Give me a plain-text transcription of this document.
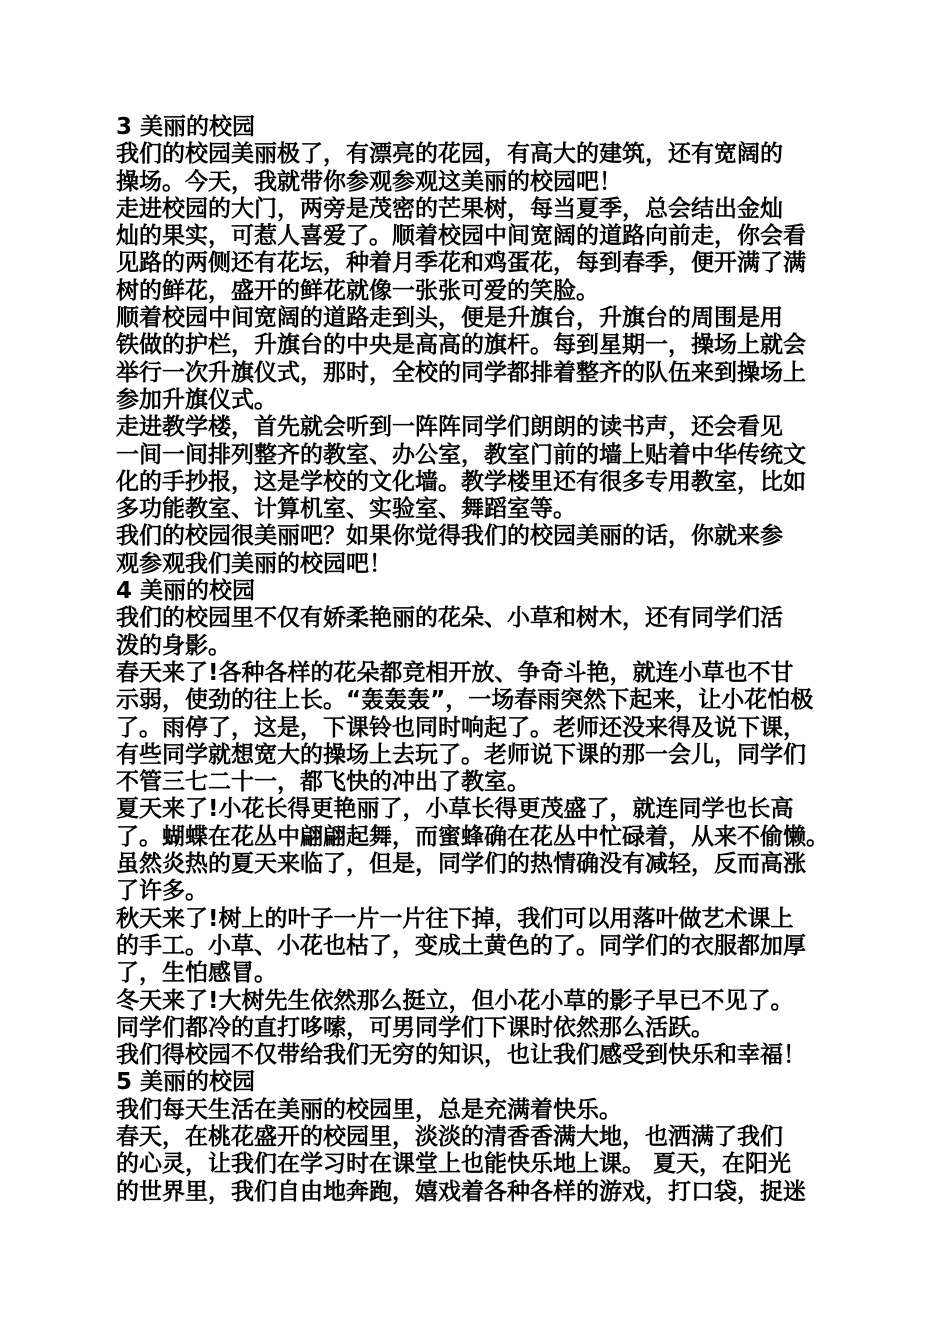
3 美丽的校园

我们的校园美丽极了，有漂亮的花园，有高大的建筑，还有宽阔的

操场。今天，我就带你参观参观这美丽的校园吧！

走进校园的大门，两旁是茂密的芒果树，每当夏季，总会结出金灿

灿的果实，可惹人喜爱了。顺着校园中间宽阔的道路向前走，你会看

见路的两侧还有花坛，种着月季花和鸡蛋花，每到春季，便开满了满

树的鲜花，盛开的鲜花就像一张张可爱的笑脸。

顺着校园中间宽阔的道路走到头，便是升旗台，升旗台的周围是用

铁做的护栏，升旗台的中央是高高的旗杆。每到星期一，操场上就会

举行一次升旗仪式，那时，全校的同学都排着整齐的队伍来到操场上

参加升旗仪式。

走进教学楼，首先就会听到一阵阵同学们朗朗的读书声，还会看见

一间一间排列整齐的教室、办公室，教室门前的墙上贴着中华传统文

化的手抄报，这是学校的文化墙。教学楼里还有很多专用教室，比如

多功能教室、计算机室、实验室、舞蹈室等。

我们的校园很美丽吧？如果你觉得我们的校园美丽的话，你就来参

观参观我们美丽的校园吧！

4 美丽的校园

我们的校园里不仅有娇柔艳丽的花朵、小草和树木，还有同学们活

泼的身影。

春天来了!各种各样的花朵都竞相开放、争奇斗艳，就连小草也不甘

示弱，使劲的往上长。“轰轰轰”，一场春雨突然下起来，让小花怕极

了。雨停了，这是，下课铃也同时响起了。老师还没来得及说下课，

有些同学就想宽大的操场上去玩了。老师说下课的那一会儿，同学们

不管三七二十一，都飞快的冲出了教室。

夏天来了!小花长得更艳丽了，小草长得更茂盛了，就连同学也长高

了。蝴蝶在花丛中翩翩起舞，而蜜蜂确在花丛中忙碌着，从来不偷懒。

虽然炎热的夏天来临了，但是，同学们的热情确没有减轻，反而高涨

了许多。

秋天来了!树上的叶子一片一片往下掉，我们可以用落叶做艺术课上

的手工。小草、小花也枯了，变成土黄色的了。同学们的衣服都加厚

了，生怕感冒。

冬天来了!大树先生依然那么挺立，但小花小草的影子早已不见了。

同学们都冷的直打哆嗦，可男同学们下课时依然那么活跃。

我们得校园不仅带给我们无穷的知识，也让我们感受到快乐和幸福！

5 美丽的校园

我们每天生活在美丽的校园里，总是充满着快乐。

春天，在桃花盛开的校园里，淡淡的清香香满大地，也洒满了我们

的心灵，让我们在学习时在课堂上也能快乐地上课。 夏天，在阳光

的世界里，我们自由地奔跑，嬉戏着各种各样的游戏，打口袋，捉迷
